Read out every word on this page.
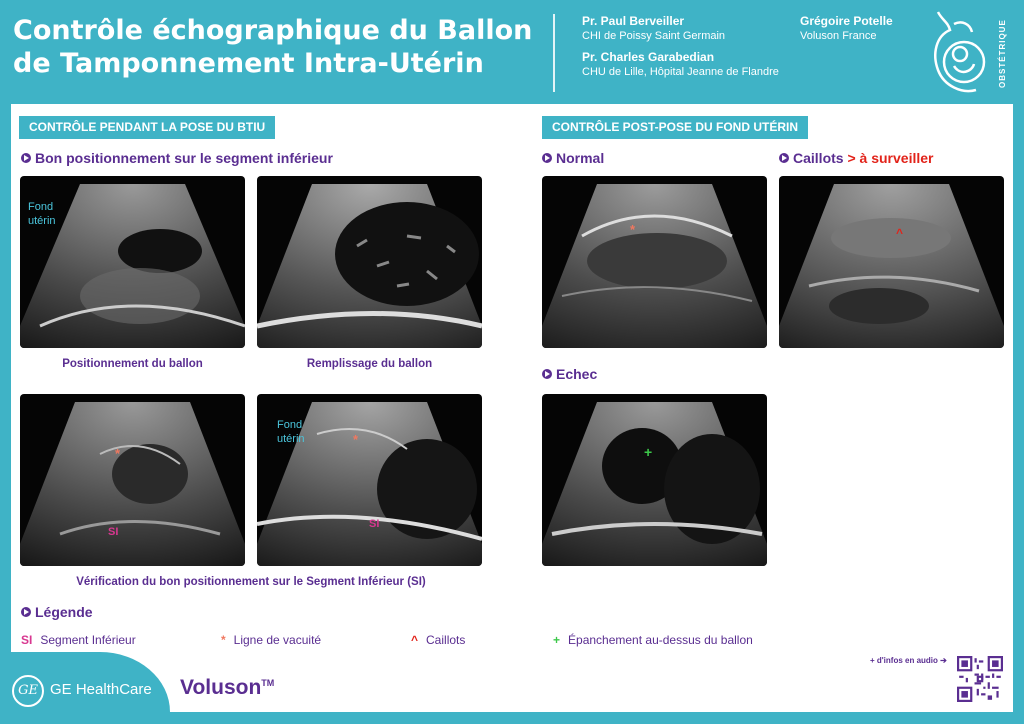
Contrôle échographique du Ballon
de Tamponnement Intra-Utérin
Pr. Paul Berveiller
CHI de Poissy Saint Germain
Pr. Charles Garabedian
CHU de Lille, Hôpital Jeanne de Flandre
Grégoire Potelle
Voluson France	OBSTÉTRIQUE
CONTRÔLE PENDANT LA POSE DU BTIU
Bon positionnement sur le segment inférieur
Fond
utérin
Positionnement du ballon	Remplissage du ballon
*
SI
Fond
utérin	*
SI
Vérification du bon positionnement sur le Segment Inférieur (SI)
Légende
SI Segment Inférieur	* Ligne de vacuité	^ Caillots	+ Épanchement au-dessus du ballon
CONTRÔLE POST-POSE DU FOND UTÉRIN
Normal	Caillots > à surveiller
*	^
Echec
+
GE GE HealthCare Voluson™
+ d'infos en audio ➔
